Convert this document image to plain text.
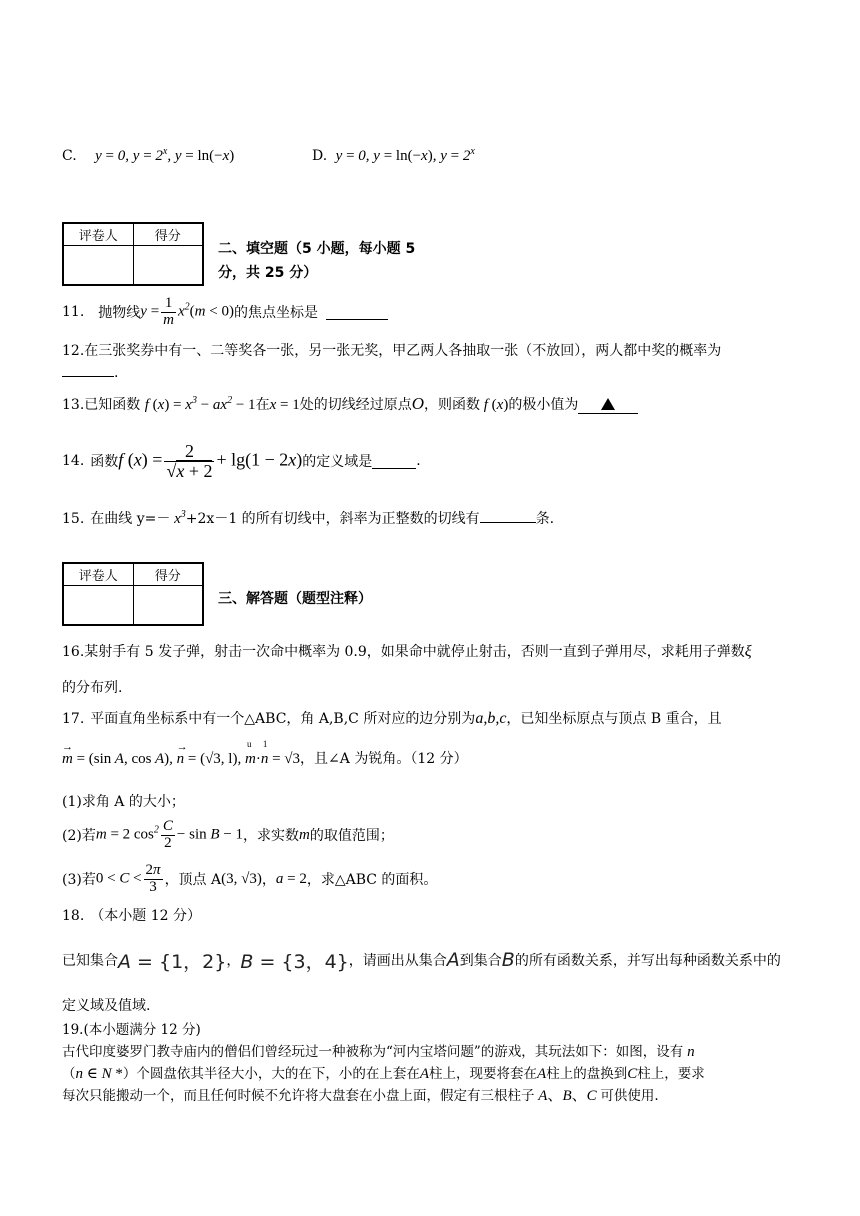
C. y = 0, $y = 2^x$, y = ln(−x)	D. y = 0, y = ln(−x), $y = 2^x$
评卷人	得分

二、填空题（5 小题，每小题 5
分，共 25 分）
11. 抛物线 $y = \frac{1}{m} x^2(m < 0)$ 的焦点坐标是
12.在三张奖券中有一、二等奖各一张，另一张无奖，甲乙两人各抽取一张（不放回），两人都中奖的概率为
.
13.已知函数 f $(x) = x^3 - ax^2 - 1$在x = 1处的切线经过原点O，则函数 f (x)的极小值为
14. 函数 f $(x) = \frac{2}{√x + 2} + \lg(1 - 2x)$ 的定义域是	.
15. 在曲线 $y=- x^3+2x-1$ 的所有切线中，斜率为正整数的切线有	条.
评卷人	得分

三、解答题（题型注释）
16.某射手有 5 发子弹，射击一次命中概率为 0.9，如果命中就停止射击，否则一直到子弹用尽，求耗用子弹数ξ
的分布列.
17. 平面直角坐标系中有一个△ABC，角 A,B,C 所对应的边分别为a,b,c，已知坐标原点与顶点 B 重合，且
m
→
= (sin A, cos A), n
→
= (√3, l), m
u
·n
1
= √3，且∠A 为锐角。（12 分）
(1)求角 A 的大小；
(2)若 m = 2 $\cos^2 \frac{C}{2} - \sin B - 1$ ，求实数 m 的取值范围；
(3)若 $0 < C < \frac{2\pi}{3}$ ，顶点 A (3, √3) ， a = 2 ，求△ABC 的面积。
18. （本小题 12 分）
已知集合 A = {1，2} ， B = {3，4} ，请画出从集合 A 到集合 B 的所有函数关系，并写出每种函数关系中的
定义域及值域.
19.(本小题满分 12 分)
古代印度婆罗门教寺庙内的僧侣们曾经玩过一种被称为“河内宝塔问题”的游戏，其玩法如下：如图，设有 n
（n ∈ N *）个圆盘依其半径大小，大的在下，小的在上套在A柱上，现要将套在A柱上的盘换到C柱上，要求
每次只能搬动一个，而且任何时候不允许将大盘套在小盘上面，假定有三根柱子 A、B、C 可供使用.
